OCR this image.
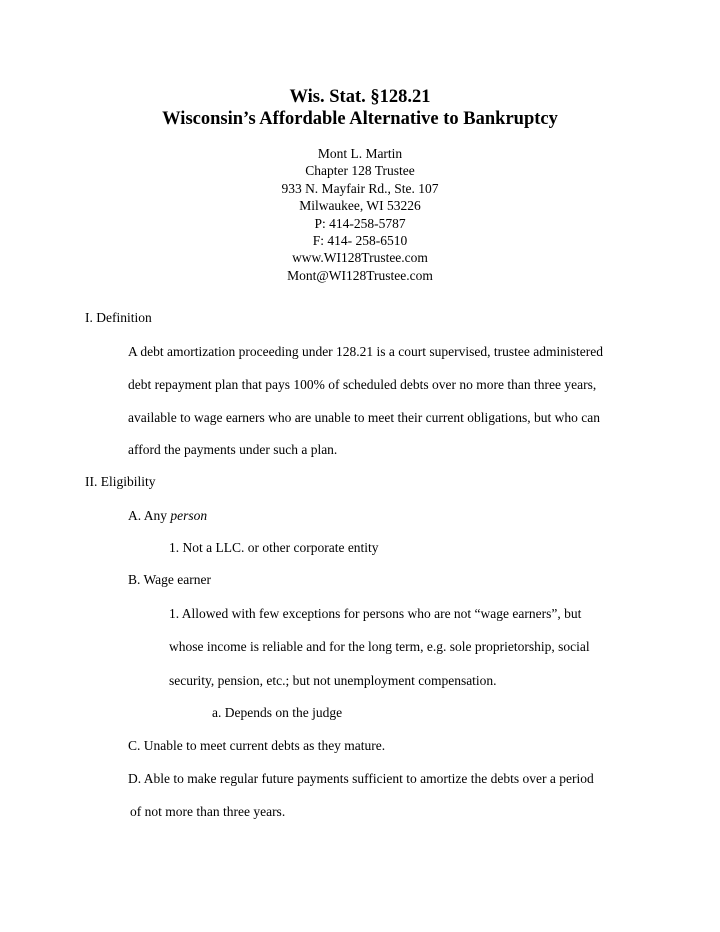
Wis. Stat. §128.21
Wisconsin’s Affordable Alternative to Bankruptcy
Mont L. Martin
Chapter 128 Trustee
933 N. Mayfair Rd., Ste. 107
Milwaukee, WI 53226
P: 414-258-5787
F: 414- 258-6510
www.WI128Trustee.com
Mont@WI128Trustee.com
I. Definition
A debt amortization proceeding under 128.21 is a court supervised, trustee administered
debt repayment plan that pays 100% of scheduled debts over no more than three years,
available to wage earners who are unable to meet their current obligations, but who can
afford the payments under such a plan.
II. Eligibility
A. Any person
1. Not a LLC. or other corporate entity
B. Wage earner
1. Allowed with few exceptions for persons who are not “wage earners”, but
whose income is reliable and for the long term, e.g. sole proprietorship, social
security, pension, etc.; but not unemployment compensation.
a. Depends on the judge
C. Unable to meet current debts as they mature.
D. Able to make regular future payments sufficient to amortize the debts over a period
of not more than three years.
